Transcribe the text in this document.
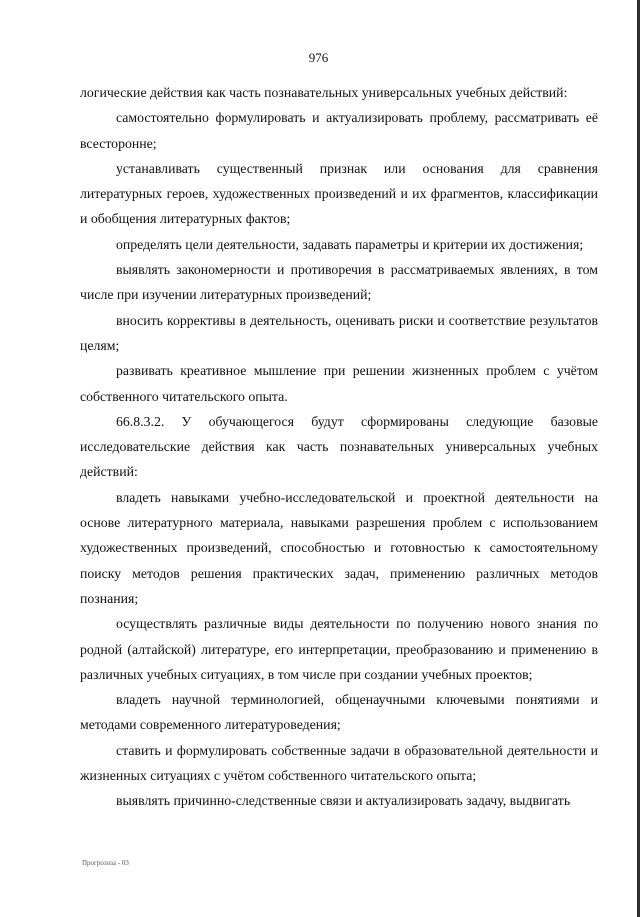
976

логические действия как часть познавательных универсальных учебных действий:

самостоятельно формулировать и актуализировать проблему, рассматривать её всесторонне;

устанавливать существенный признак или основания для сравнения литературных героев, художественных произведений и их фрагментов, классификации и обобщения литературных фактов;

определять цели деятельности, задавать параметры и критерии их достижения;

выявлять закономерности и противоречия в рассматриваемых явлениях, в том числе при изучении литературных произведений;

вносить коррективы в деятельность, оценивать риски и соответствие результатов целям;

развивать креативное мышление при решении жизненных проблем с учётом собственного читательского опыта.

66.8.3.2. У обучающегося будут сформированы следующие базовые исследовательские действия как часть познавательных универсальных учебных действий:

владеть навыками учебно-исследовательской и проектной деятельности на основе литературного материала, навыками разрешения проблем с использованием художественных произведений, способностью и готовностью к самостоятельному поиску методов решения практических задач, применению различных методов познания;

осуществлять различные виды деятельности по получению нового знания по родной (алтайской) литературе, его интерпретации, преобразованию и применению в различных учебных ситуациях, в том числе при создании учебных проектов;

владеть научной терминологией, общенаучными ключевыми понятиями и методами современного литературоведения;

ставить и формулировать собственные задачи в образовательной деятельности и жизненных ситуациях с учётом собственного читательского опыта;

выявлять причинно-следственные связи и актуализировать задачу, выдвигать

Прогрозоза - 03
